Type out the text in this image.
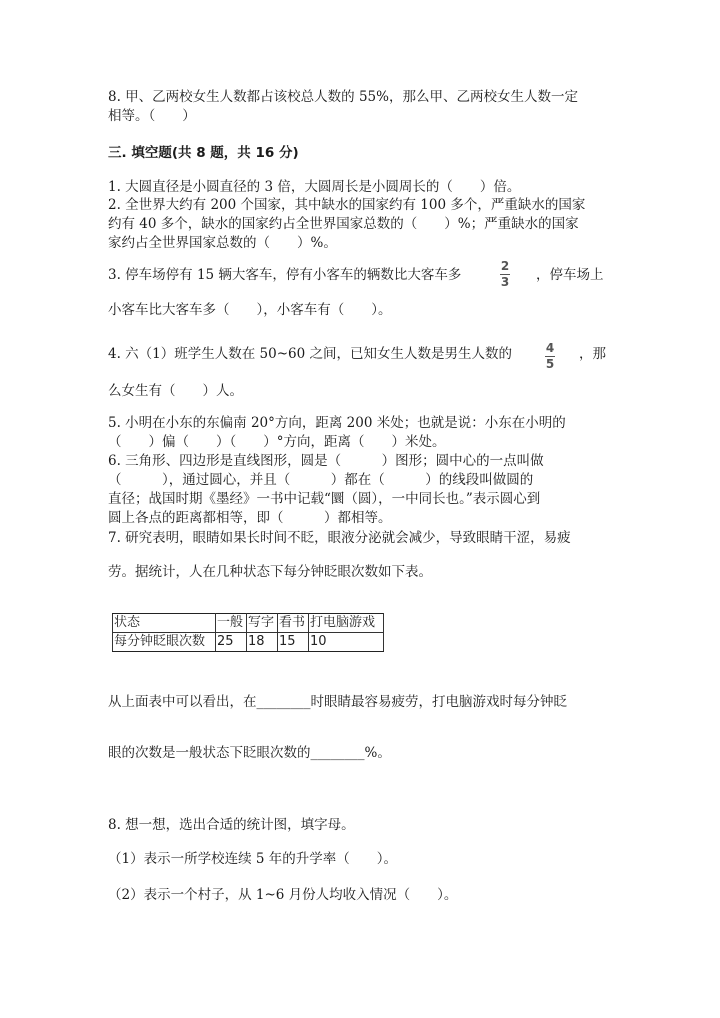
8. 甲、乙两校女生人数都占该校总人数的 55%，那么甲、乙两校女生人数一定
相等。（　　）
三. 填空题(共 8 题，共 16 分)
1. 大圆直径是小圆直径的 3 倍，大圆周长是小圆周长的（　　）倍。
2. 全世界大约有 200 个国家，其中缺水的国家约有 100 多个，严重缺水的国家
约有 40 多个，缺水的国家约占全世界国家总数的（　　）%；严重缺水的国家
家约占全世界国家总数的（　　）%。
3. 停车场停有 15 辆大客车，停有小客车的辆数比大客车多
2
3 ，停车场上
小客车比大客车多（　　），小客车有（　　）。
4. 六（1）班学生人数在 50~60 之间，已知女生人数是男生人数的	4
5
，那
么女生有（　　）人。
5. 小明在小东的东偏南 20°方向，距离 200 米处；也就是说：小东在小明的
（　　）偏（　　）（　　）°方向，距离（　　）米处。
6. 三角形、四边形是直线图形，圆是（　　　）图形；圆中心的一点叫做
（　　　），通过圆心，并且（　　　）都在（　　　）的线段叫做圆的
直径；战国时期《墨经》一书中记载“圜（圆），一中同长也。”表示圆心到
圆上各点的距离都相等，即（　　　）都相等。
7. 研究表明，眼睛如果长时间不眨，眼液分泌就会减少，导致眼睛干涩，易疲
劳。据统计，人在几种状态下每分钟眨眼次数如下表。
状态	一般	写字	看书	打电脑游戏
每分钟眨眼次数	25	18	15	10
从上面表中可以看出，在________时眼睛最容易疲劳，打电脑游戏时每分钟眨
眼的次数是一般状态下眨眼次数的________%。
8. 想一想，选出合适的统计图，填字母。
（1）表示一所学校连续 5 年的升学率（　　）。
（2）表示一个村子，从 1~6 月份人均收入情况（　　）。
